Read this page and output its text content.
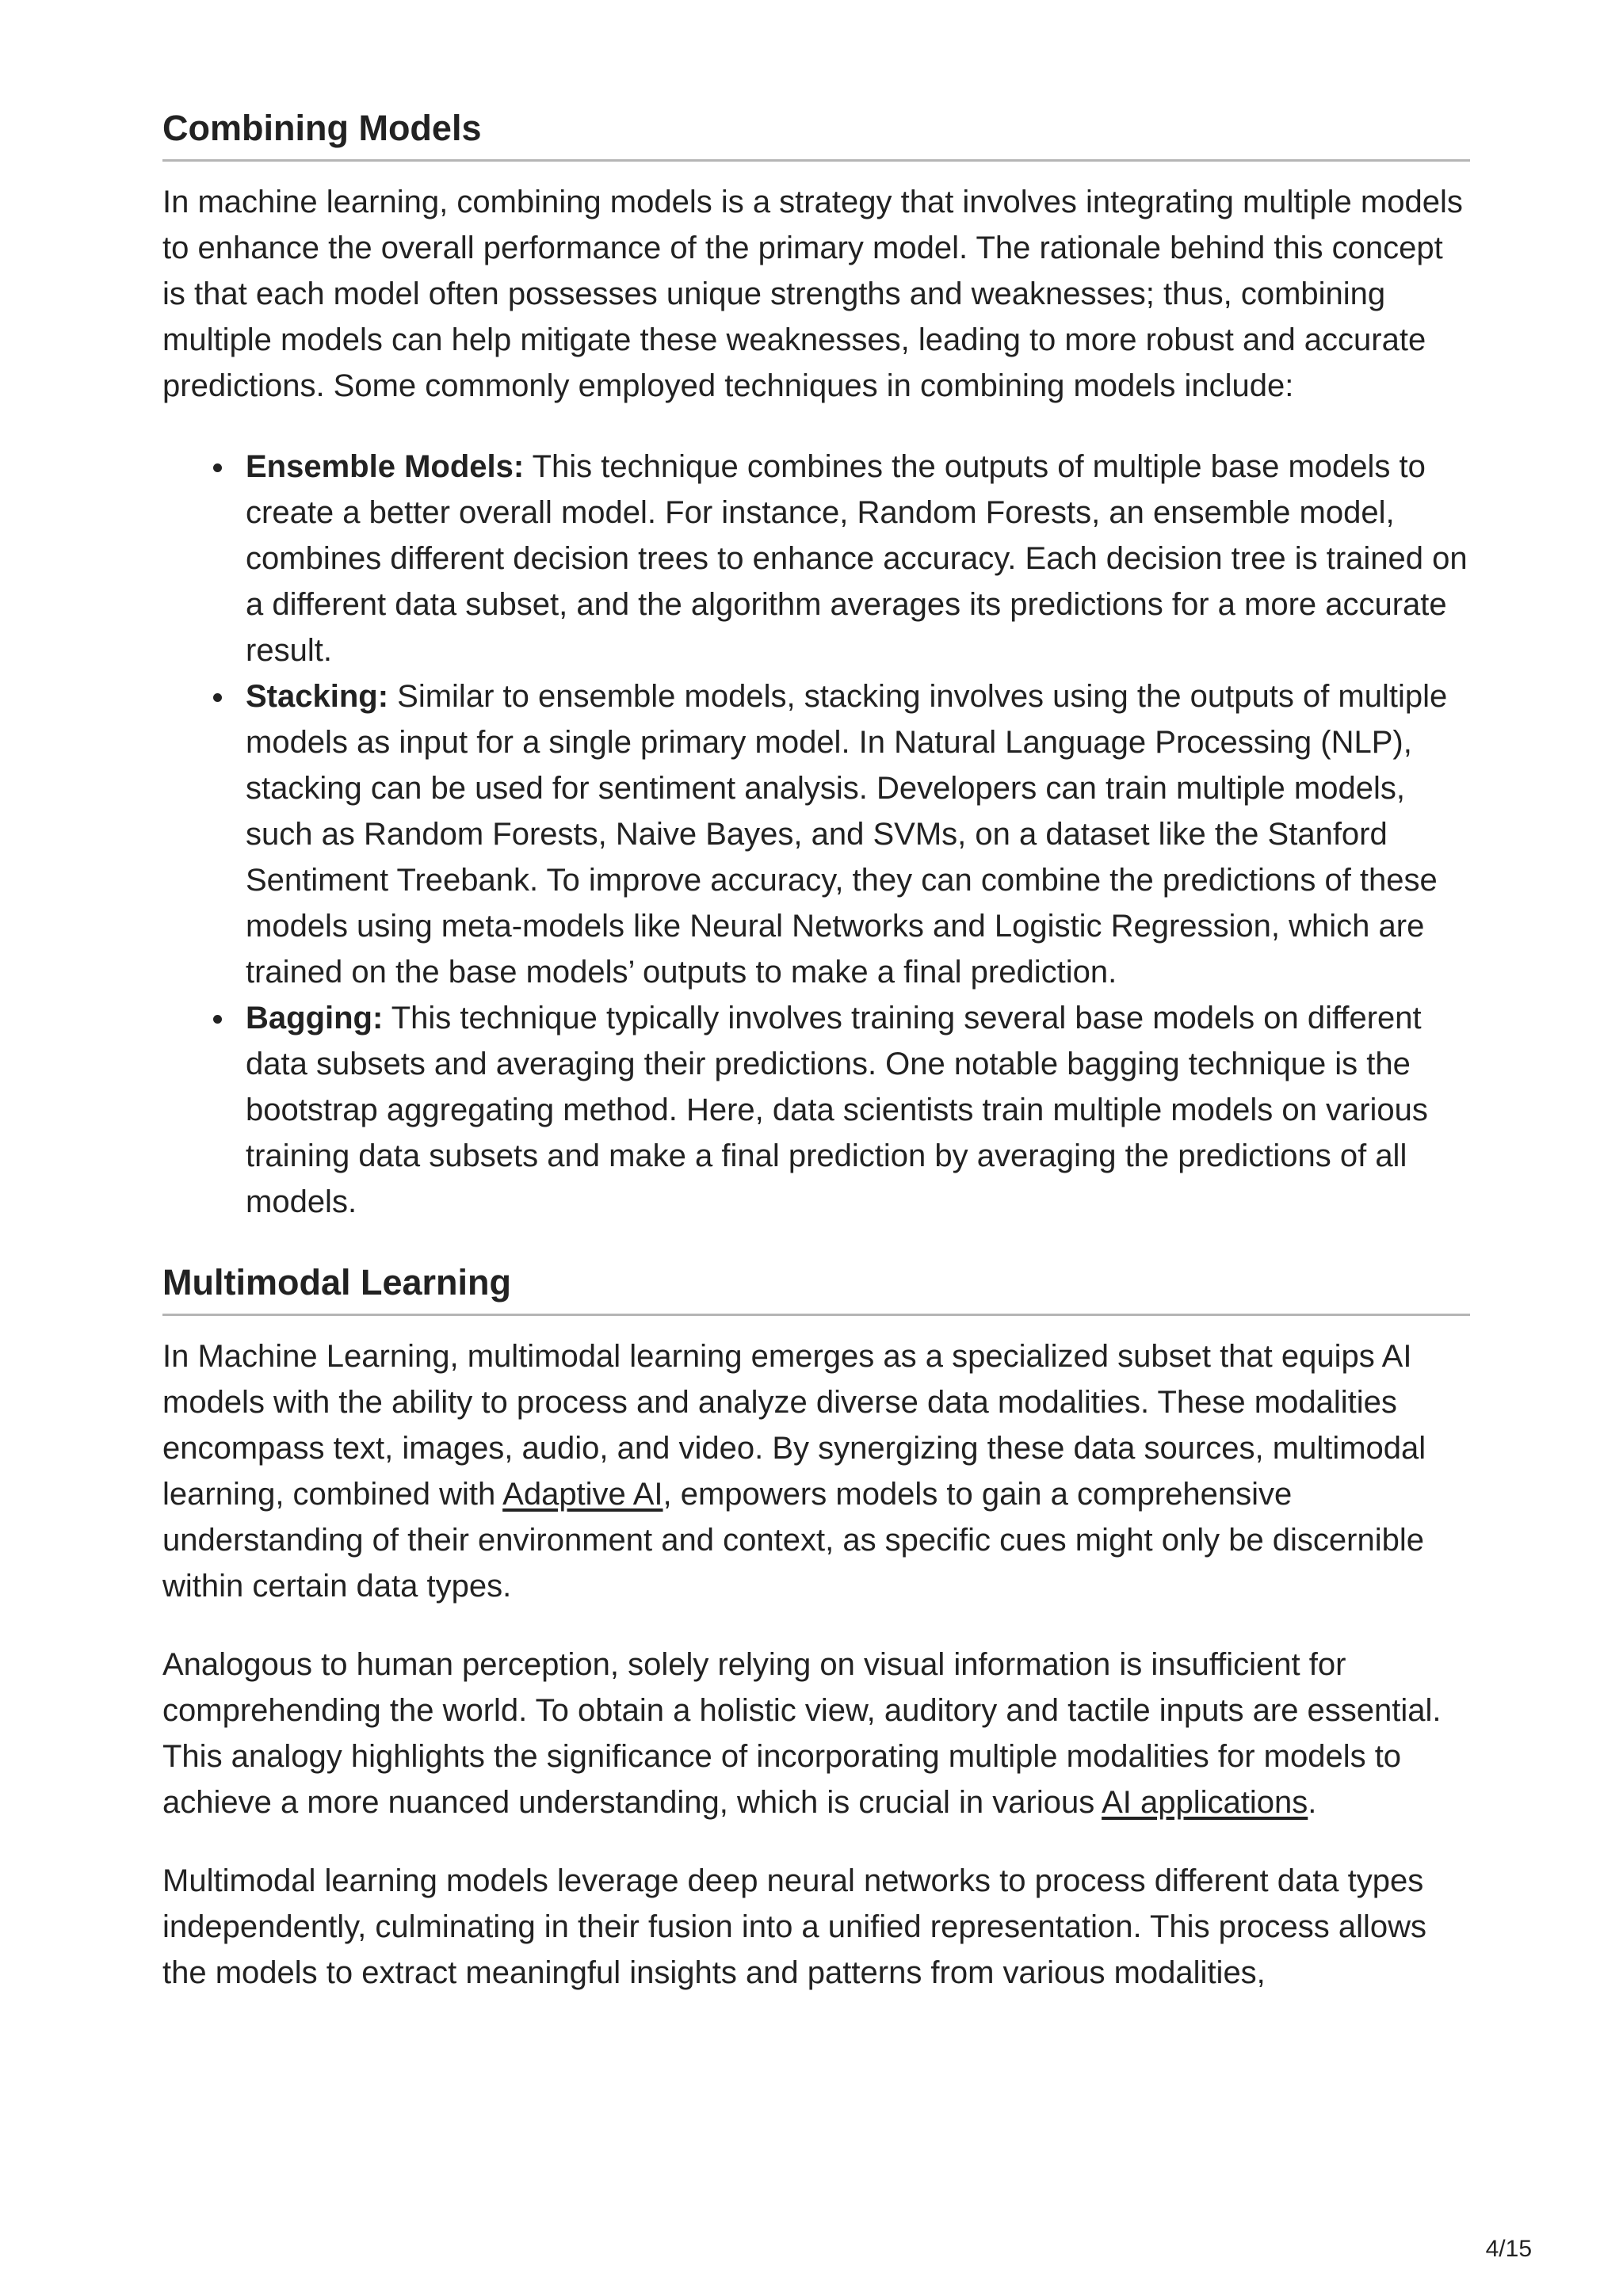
Combining Models

In machine learning, combining models is a strategy that involves integrating multiple models to enhance the overall performance of the primary model. The rationale behind this concept is that each model often possesses unique strengths and weaknesses; thus, combining multiple models can help mitigate these weaknesses, leading to more robust and accurate predictions. Some commonly employed techniques in combining models include:

Ensemble Models: This technique combines the outputs of multiple base models to create a better overall model. For instance, Random Forests, an ensemble model, combines different decision trees to enhance accuracy. Each decision tree is trained on a different data subset, and the algorithm averages its predictions for a more accurate result.
Stacking: Similar to ensemble models, stacking involves using the outputs of multiple models as input for a single primary model. In Natural Language Processing (NLP), stacking can be used for sentiment analysis. Developers can train multiple models, such as Random Forests, Naive Bayes, and SVMs, on a dataset like the Stanford Sentiment Treebank. To improve accuracy, they can combine the predictions of these models using meta-models like Neural Networks and Logistic Regression, which are trained on the base models’ outputs to make a final prediction.
Bagging: This technique typically involves training several base models on different data subsets and averaging their predictions. One notable bagging technique is the bootstrap aggregating method. Here, data scientists train multiple models on various training data subsets and make a final prediction by averaging the predictions of all models.
Multimodal Learning

In Machine Learning, multimodal learning emerges as a specialized subset that equips AI models with the ability to process and analyze diverse data modalities. These modalities encompass text, images, audio, and video. By synergizing these data sources, multimodal learning, combined with Adaptive AI, empowers models to gain a comprehensive understanding of their environment and context, as specific cues might only be discernible within certain data types.

Analogous to human perception, solely relying on visual information is insufficient for comprehending the world. To obtain a holistic view, auditory and tactile inputs are essential. This analogy highlights the significance of incorporating multiple modalities for models to achieve a more nuanced understanding, which is crucial in various AI applications.

Multimodal learning models leverage deep neural networks to process different data types independently, culminating in their fusion into a unified representation. This process allows the models to extract meaningful insights and patterns from various modalities,

4/15
